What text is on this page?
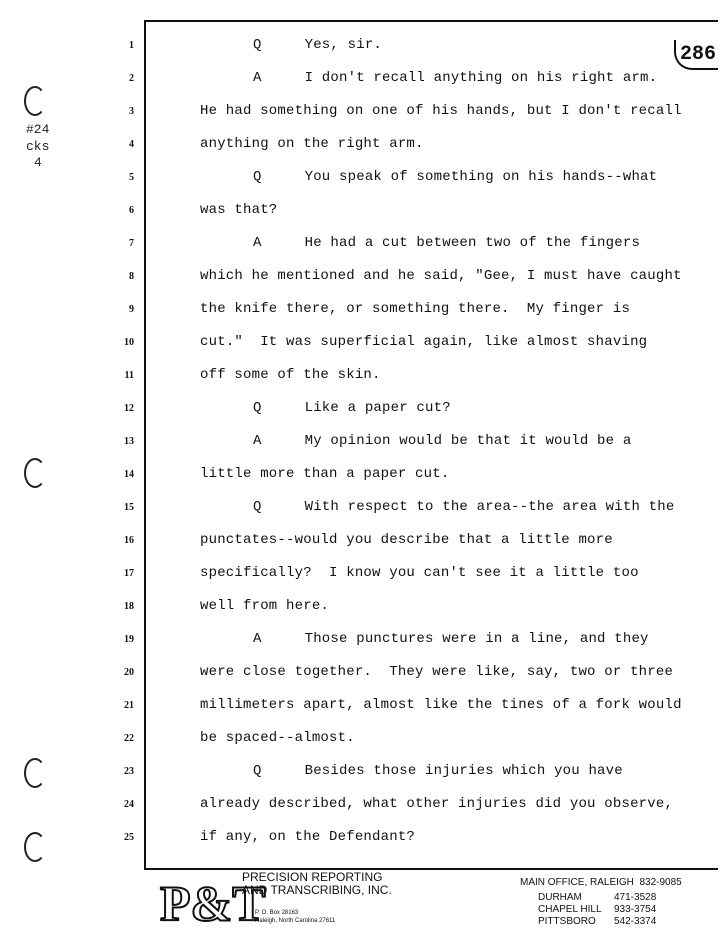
#24
cks
4
286
1	Q     Yes, sir.
2	A     I don't recall anything on his right arm.
3	He had something on one of his hands, but I don't recall
4	anything on the right arm.
5	Q     You speak of something on his hands--what
6	was that?
7	A     He had a cut between two of the fingers
8	which he mentioned and he said, "Gee, I must have caught
9	the knife there, or something there.  My finger is
10	cut."  It was superficial again, like almost shaving
11	off some of the skin.
12	Q     Like a paper cut?
13	A     My opinion would be that it would be a
14	little more than a paper cut.
15	Q     With respect to the area--the area with the
16	punctates--would you describe that a little more
17	specifically?  I know you can't see it a little too
18	well from here.
19	A     Those punctures were in a line, and they
20	were close together.  They were like, say, two or three
21	millimeters apart, almost like the tines of a fork would
22	be spaced--almost.
23	Q     Besides those injuries which you have
24	already described, what other injuries did you observe,
25	if any, on the Defendant?
P&T
PRECISION REPORTING
AND TRANSCRIBING, INC.
P. O. Box 28163
Raleigh, North Carolina 27611
MAIN OFFICE, RALEIGH  832-9085
DURHAM	471-3528
CHAPEL HILL 933-3754
PITTSBORO 542-3374
